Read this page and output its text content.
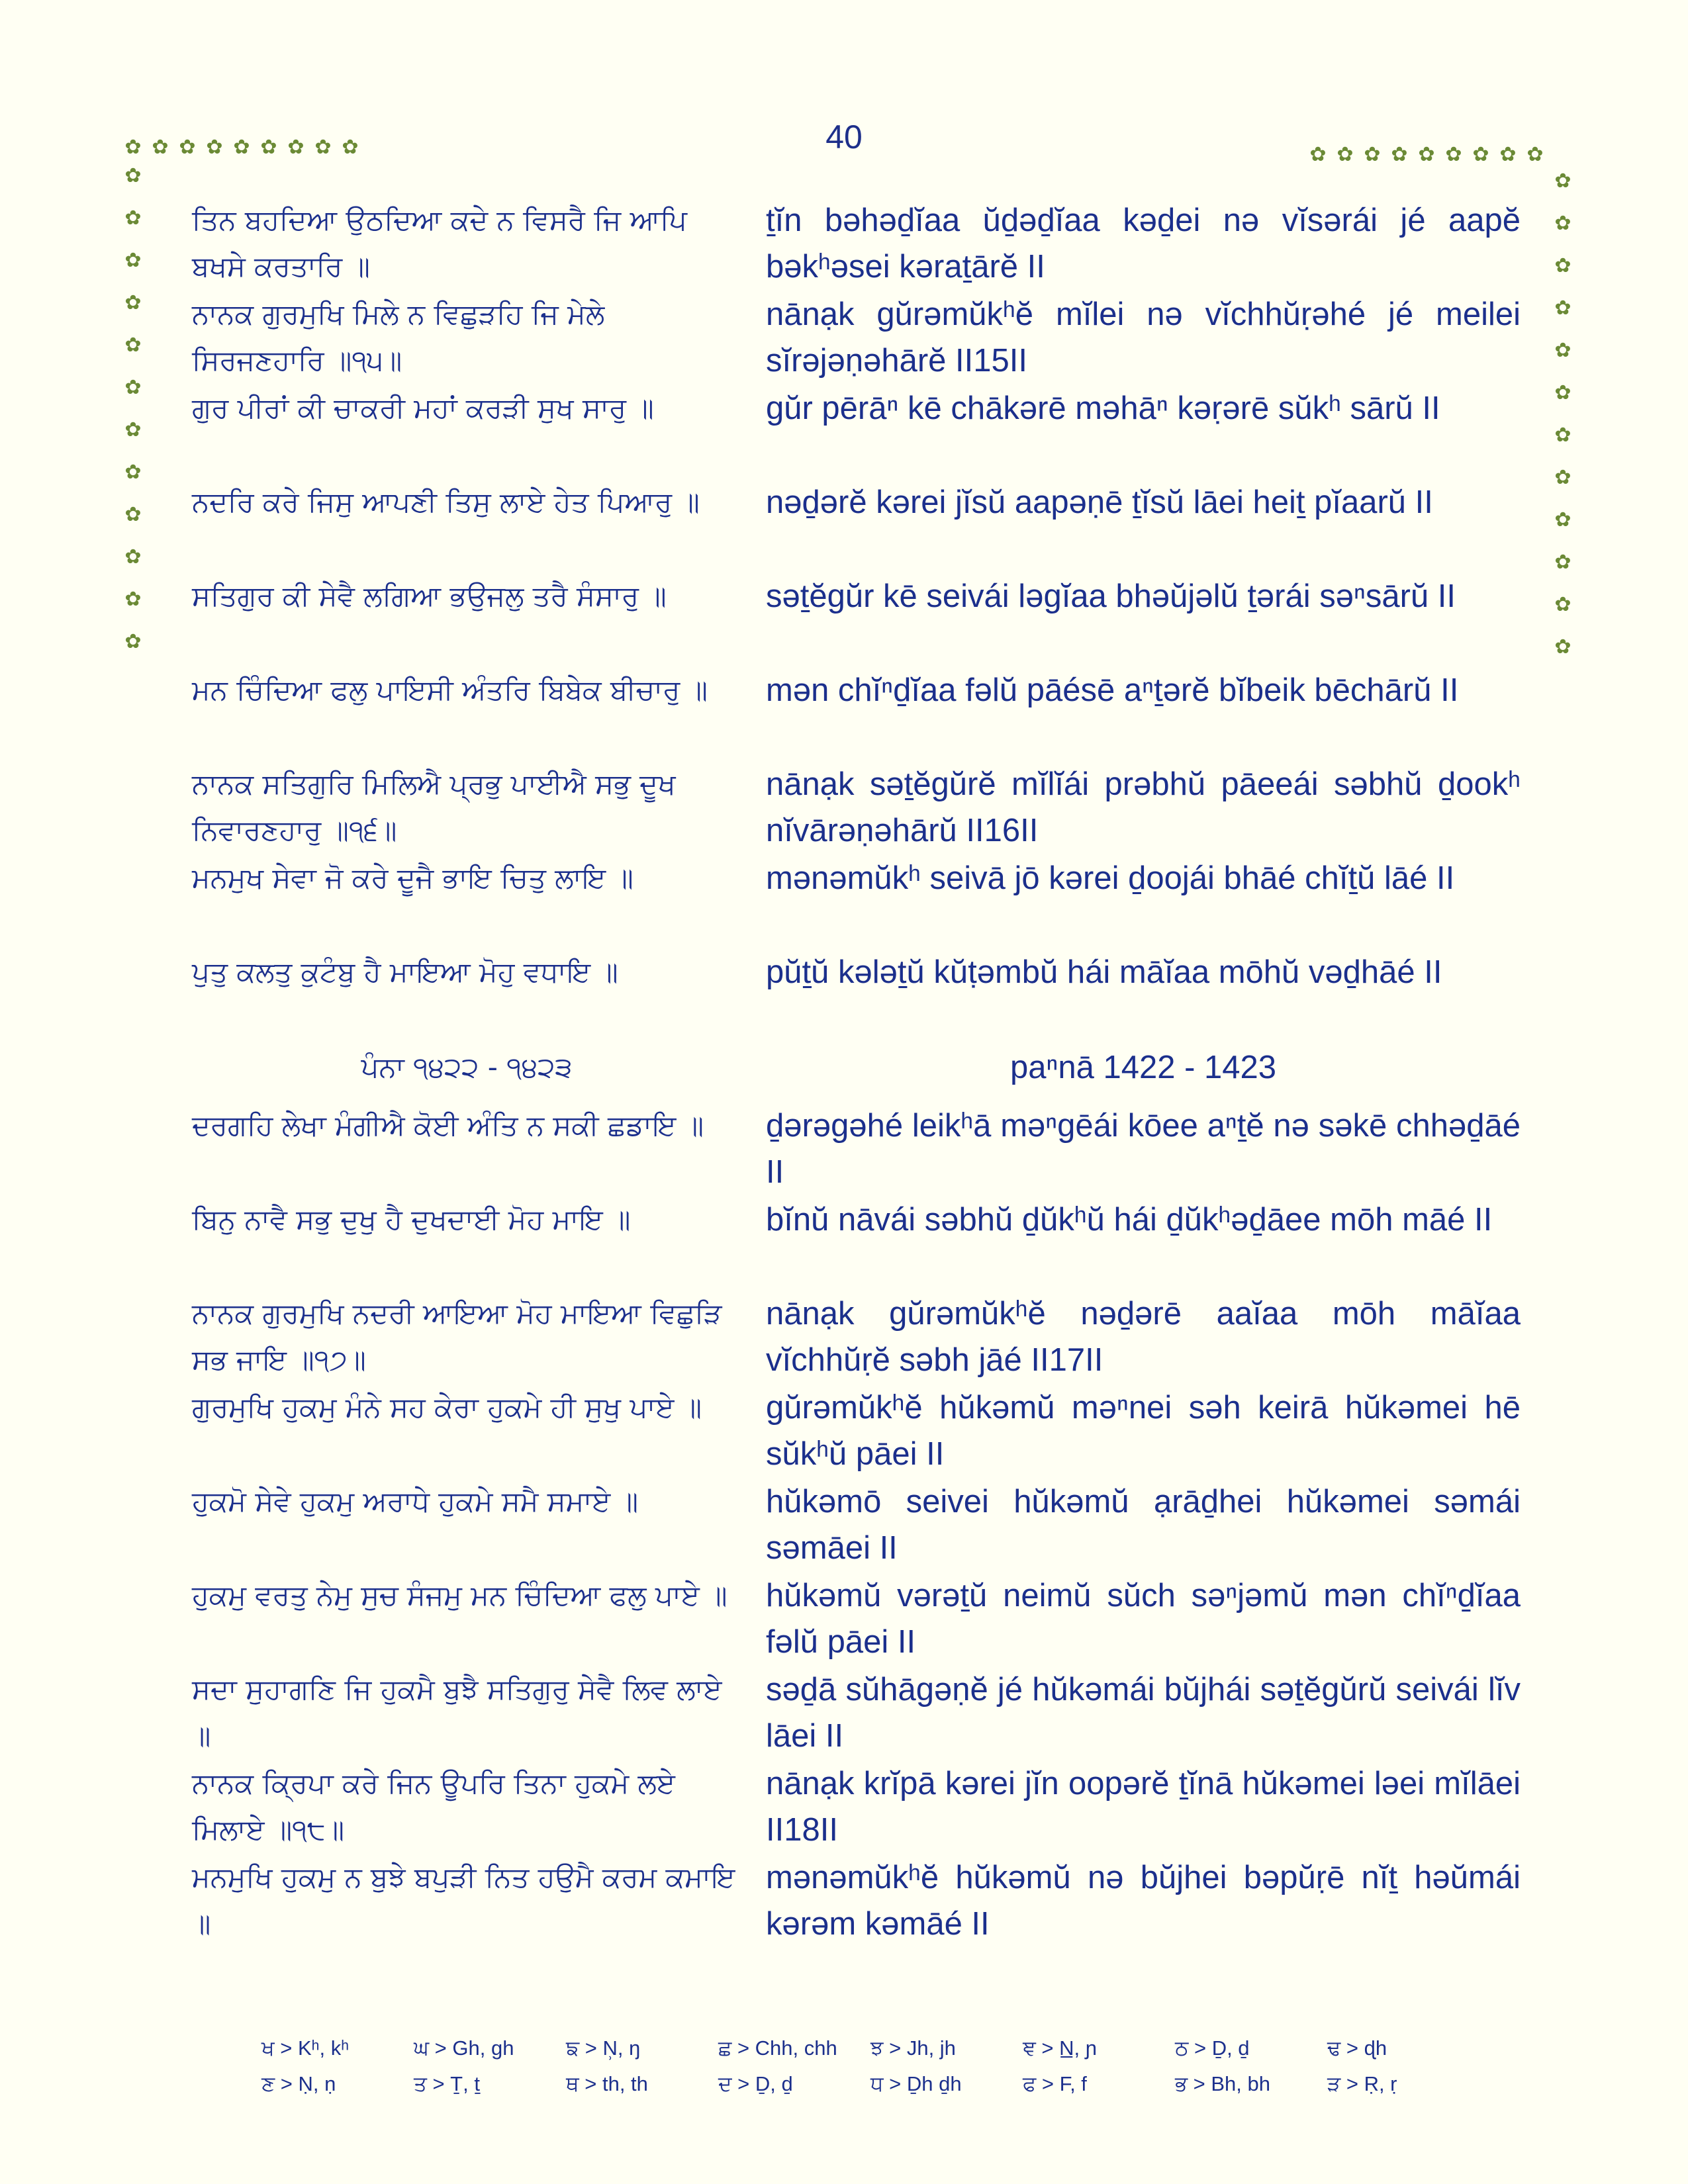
40
✿ ✿ ✿ ✿ ✿ ✿ ✿ ✿ ✿	✿ ✿ ✿ ✿ ✿ ✿ ✿ ✿ ✿
✿
✿
✿
✿
✿
✿
✿
✿
✿
✿
✿
✿
✿
✿
✿
✿
✿
✿
✿
✿
✿
✿
✿
✿
ਤਿਨ ਬਹਦਿਆ ਉਠਦਿਆ ਕਦੇ ਨ ਵਿਸਰੈ ਜਿ ਆਪਿ ਬਖਸੇ ਕਰਤਾਰਿ ॥
ṯĭn bəhəḏĭaa ŭḏəḏĭaa kəḏei nə vĭsərái jé aapĕ bəkʰəsei kəraṯārĕ II
ਨਾਨਕ ਗੁਰਮੁਖਿ ਮਿਲੇ ਨ ਵਿਛੁੜਹਿ ਜਿ ਮੇਲੇ ਸਿਰਜਣਹਾਰਿ ॥੧੫॥
nānạk gŭrəmŭkʰĕ mĭlei nə vĭchhŭṛəhé jé meilei sĭrəjəṇəhārĕ II15II
ਗੁਰ ਪੀਰਾਂ ਕੀ ਚਾਕਰੀ ਮਹਾਂ ਕਰੜੀ ਸੁਖ ਸਾਰੁ ॥	gŭr pērāⁿ kē chākərē məhāⁿ kəṛərē sŭkʰ sārŭ II
ਨਦਰਿ ਕਰੇ ਜਿਸੁ ਆਪਣੀ ਤਿਸੁ ਲਾਏ ਹੇਤ ਪਿਆਰੁ ॥	nəḏərĕ kərei jĭsŭ aapəṇē ṯĭsŭ lāei heiṯ pĭaarŭ II
ਸਤਿਗੁਰ ਕੀ ਸੇਵੈ ਲਗਿਆ ਭਉਜਲੁ ਤਰੈ ਸੰਸਾਰੁ ॥	səṯĕgŭr kē seivái ləgĭaa bhəŭjəlŭ ṯərái səⁿsārŭ II
ਮਨ ਚਿੰਦਿਆ ਫਲੁ ਪਾਇਸੀ ਅੰਤਰਿ ਬਿਬੇਕ ਬੀਚਾਰੁ ॥	mən chĭⁿḏĭaa fəlŭ pāésē aⁿṯərĕ bĭbeik bēchārŭ II
ਨਾਨਕ ਸਤਿਗੁਰਿ ਮਿਲਿਐ ਪ੍ਰਭੁ ਪਾਈਐ ਸਭੁ ਦੂਖ ਨਿਵਾਰਣਹਾਰੁ ॥੧੬॥
nānạk səṯĕgŭrĕ mĭlĭái prəbhŭ pāeeái səbhŭ ḏookʰ nĭvārəṇəhārŭ II16II
ਮਨਮੁਖ ਸੇਵਾ ਜੋ ਕਰੇ ਦੂਜੈ ਭਾਇ ਚਿਤੁ ਲਾਇ ॥	mənəmŭkʰ seivā jō kərei ḏoojái bhāé chĭṯŭ lāé II
ਪੁਤੁ ਕਲਤੁ ਕੁਟੰਬੁ ਹੈ ਮਾਇਆ ਮੋਹੁ ਵਧਾਇ ॥	pŭṯŭ kələṯŭ kŭṭəmbŭ hái māĭaa mōhŭ vəḏhāé II
ਪੰਨਾ ੧੪੨੨ - ੧੪੨੩	paⁿnā 1422 - 1423
ਦਰਗਹਿ ਲੇਖਾ ਮੰਗੀਐ ਕੋਈ ਅੰਤਿ ਨ ਸਕੀ ਛਡਾਇ ॥	ḏərəgəhé leikʰā məⁿgēái kōee aⁿṯĕ nə səkē chhəḏāé II
ਬਿਨੁ ਨਾਵੈ ਸਭੁ ਦੁਖੁ ਹੈ ਦੁਖਦਾਈ ਮੋਹ ਮਾਇ ॥	bĭnŭ nāvái səbhŭ ḏŭkʰŭ hái ḏŭkʰəḏāee mōh māé II
ਨਾਨਕ ਗੁਰਮੁਖਿ ਨਦਰੀ ਆਇਆ ਮੋਹ ਮਾਇਆ ਵਿਛੁੜਿ ਸਭ ਜਾਇ ॥੧੭॥
nānạk gŭrəmŭkʰĕ nəḏərē aaĭaa mōh māĭaa vĭchhŭṛĕ səbh jāé II17II
ਗੁਰਮੁਖਿ ਹੁਕਮੁ ਮੰਨੇ ਸਹ ਕੇਰਾ ਹੁਕਮੇ ਹੀ ਸੁਖੁ ਪਾਏ ॥	gŭrəmŭkʰĕ hŭkəmŭ məⁿnei səh keirā hŭkəmei hē sŭkʰŭ pāei II
ਹੁਕਮੋ ਸੇਵੇ ਹੁਕਮੁ ਅਰਾਧੇ ਹੁਕਮੇ ਸਮੈ ਸਮਾਏ ॥	hŭkəmō seivei hŭkəmŭ ạrāḏhei hŭkəmei səmái səmāei II
ਹੁਕਮੁ ਵਰਤੁ ਨੇਮੁ ਸੁਚ ਸੰਜਮੁ ਮਨ ਚਿੰਦਿਆ ਫਲੁ ਪਾਏ ॥	hŭkəmŭ vərəṯŭ neimŭ sŭch səⁿjəmŭ mən chĭⁿḏĭaa fəlŭ pāei II
ਸਦਾ ਸੁਹਾਗਣਿ ਜਿ ਹੁਕਮੈ ਬੁਝੈ ਸਤਿਗੁਰੁ ਸੇਵੈ ਲਿਵ ਲਾਏ ॥
səḏā sŭhāgəṇĕ jé hŭkəmái bŭjhái səṯĕgŭrŭ seivái lĭv lāei II
ਨਾਨਕ ਕ੍ਰਿਪਾ ਕਰੇ ਜਿਨ ਊਪਰਿ ਤਿਨਾ ਹੁਕਮੇ ਲਏ ਮਿਲਾਏ ॥੧੮॥
nānạk krĭpā kərei jĭn oopərĕ ṯĭnā hŭkəmei ləei mĭlāei II18II
ਮਨਮੁਖਿ ਹੁਕਮੁ ਨ ਬੁਝੇ ਬਪੁੜੀ ਨਿਤ ਹਉਮੈ ਕਰਮ ਕਮਾਇ ॥
mənəmŭkʰĕ hŭkəmŭ nə bŭjhei bəpŭṛē nĭṯ həŭmái kərəm kəmāé II
ਖ > Kʰ, kʰ	ਘ > Gh, gh	ਙ > N̹, ŋ	ਛ > Chh, chh	ਝ > Jh, jh	ਞ > N̲, ɲ	ਠ > Ḏ, ḏ	ਢ > ɖh
ਣ > Ṇ, ṇ	ਤ > Ṯ, ṯ	ਥ > th, th	ਦ > Ḏ, ḏ	ਧ > Ḏh ḏh	ਫ > F, f	ਭ > Bh, bh	ੜ > Ṛ, ṛ
